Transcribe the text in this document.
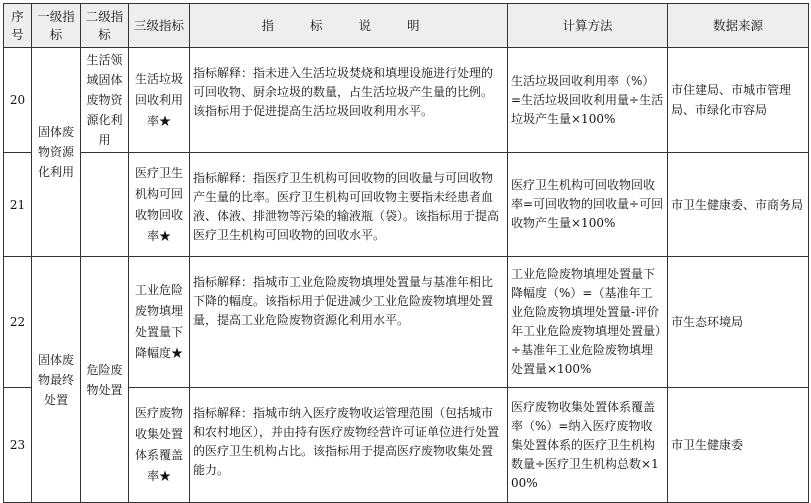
序号	一级指标	二级指标	三级指标	指 标 说 明	计算方法	数据来源
20	固体废物资源化利用	生活领域固体废物资源化利用	生活垃圾回收利用率★	指标解释：指未进入生活垃圾焚烧和填埋设施进行处理的可回收物、厨余垃圾的数量，占生活垃圾产生量的比例。该指标用于促进提高生活垃圾回收利用水平。	生活垃圾回收利用率（%）=生活垃圾回收利用量÷生活垃圾产生量×100%	市住建局、市城市管理局、市绿化市容局
21			医疗卫生机构可回收物回收率★	指标解释：指医疗卫生机构可回收物的回收量与可回收物产生量的比率。医疗卫生机构可回收物主要指未经患者血液、体液、排泄物等污染的输液瓶（袋）。该指标用于提高医疗卫生机构可回收物的回收水平。	医疗卫生机构可回收物回收率=可回收物的回收量÷可回收物产生量×100%	市卫生健康委、市商务局
22	固体废物最终处置	危险废物处置	工业危险废物填埋处置量下降幅度★	指标解释：指城市工业危险废物填埋处置量与基准年相比下降的幅度。该指标用于促进减少工业危险废物填埋处置量，提高工业危险废物资源化利用水平。	工业危险废物填埋处置量下降幅度（%）=（基准年工业危险废物填埋处置量-评价年工业危险废物填埋处置量）÷基准年工业危险废物填埋处置量×100%	市生态环境局
23			医疗废物收集处置体系覆盖率★	指标解释：指城市纳入医疗废物收运管理范围（包括城市和农村地区），并由持有医疗废物经营许可证单位进行处置的医疗卫生机构占比。该指标用于提高医疗废物收集处置能力。	医疗废物收集处置体系覆盖率（%）=纳入医疗废物收集处置体系的医疗卫生机构数量÷医疗卫生机构总数×100%	市卫生健康委
